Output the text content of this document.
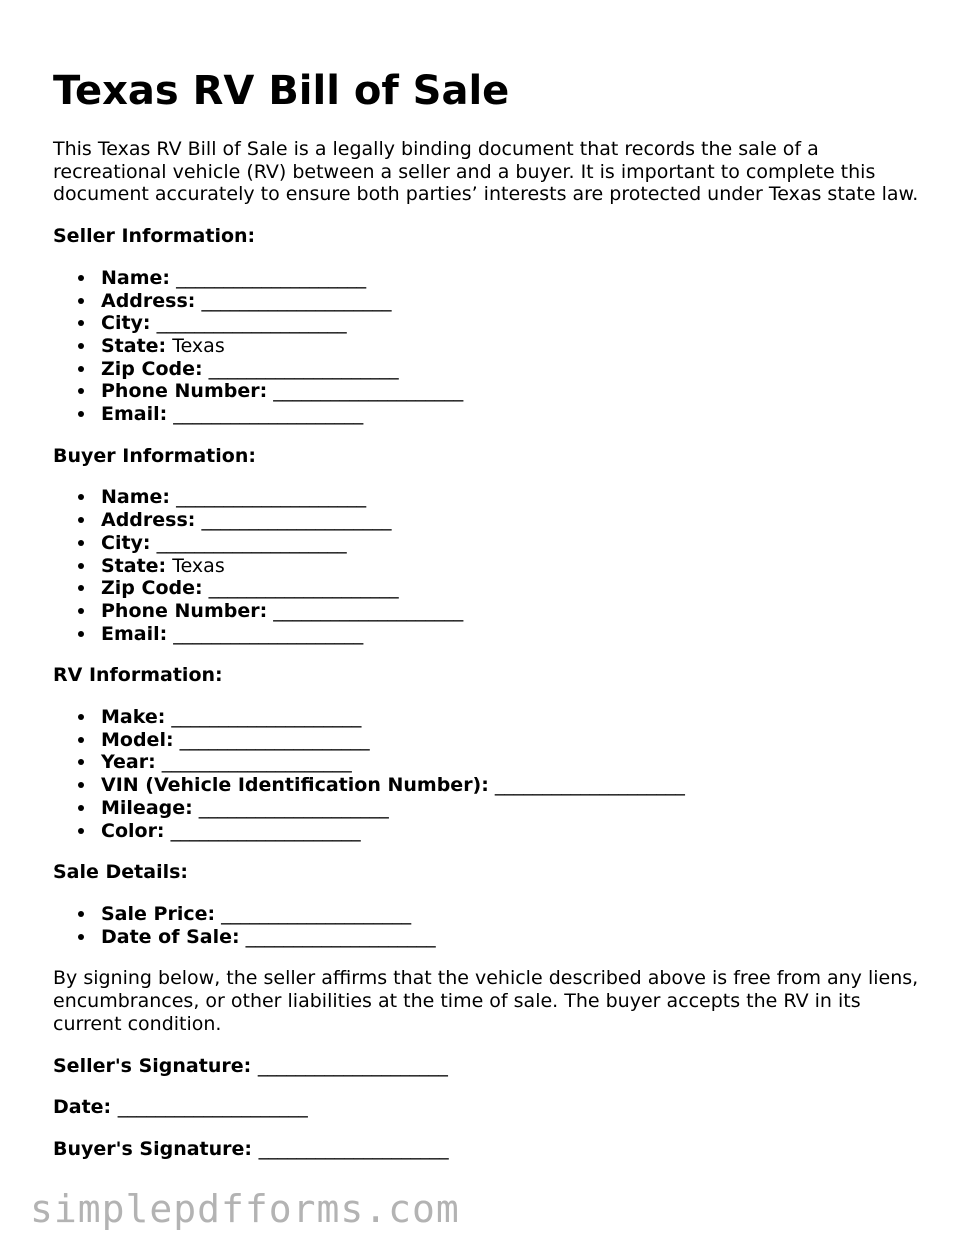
Texas RV Bill of Sale

This Texas RV Bill of Sale is a legally binding document that records the sale of a recreational vehicle (RV) between a seller and a buyer. It is important to complete this document accurately to ensure both parties’ interests are protected under Texas state law.

Seller Information:
Name: ____________________
Address: ____________________
City: ____________________
State: Texas
Zip Code: ____________________
Phone Number: ____________________
Email: ____________________
Buyer Information:
Name: ____________________
Address: ____________________
City: ____________________
State: Texas
Zip Code: ____________________
Phone Number: ____________________
Email: ____________________
RV Information:
Make: ____________________
Model: ____________________
Year: ____________________
VIN (Vehicle Identification Number): ____________________
Mileage: ____________________
Color: ____________________
Sale Details:
Sale Price: ____________________
Date of Sale: ____________________

By signing below, the seller affirms that the vehicle described above is free from any liens, encumbrances, or other liabilities at the time of sale. The buyer accepts the RV in its current condition.

Seller's Signature: ____________________
Date: ____________________
Buyer's Signature: ____________________
simplepdfforms.com
